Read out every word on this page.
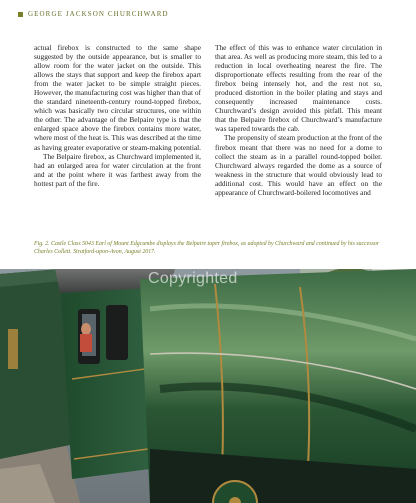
GEORGE JACKSON CHURCHWARD

actual firebox is constructed to the same shape suggested by the outside appearance, but is smaller to allow room for the water jacket on the outside. This allows the stays that support and keep the firebox apart from the water jacket to be simple straight pieces. However, the manufacturing cost was higher than that of the standard nineteenth-century round-topped firebox, which was basically two circular structures, one within the other. The advantage of the Belpaire type is that the enlarged space above the firebox contains more water, where most of the heat is. This was described at the time as having greater evaporative or steam-making potential.

The Belpaire firebox, as Churchward implemented it, had an enlarged area for water circulation at the front and at the point where it was farthest away from the hottest part of the fire.

The effect of this was to enhance water circulation in that area. As well as producing more steam, this led to a reduction in local overheating nearest the fire. The disproportionate effects resulting from the rear of the firebox being intensely hot, and the rest not so, produced distortion in the boiler plating and stays and consequently increased maintenance costs. Churchward’s design avoided this pitfall. This meant that the Belpaire firebox of Churchward’s manufacture was tapered towards the cab.

The propensity of steam production at the front of the firebox meant that there was no need for a dome to collect the steam as in a parallel round-topped boiler. Churchward always regarded the dome as a source of weakness in the structure that would obviously lead to additional cost. This would have an effect on the appearance of Churchward-boilered locomotives and

Fig. 2. Castle Class 5043 Earl of Mount Edgcumbe displays the Belpaire taper firebox, as adopted by Churchward and continued by his successor Charles Collett. Stratford-upon-Avon, August 2017.

Copyrighted
